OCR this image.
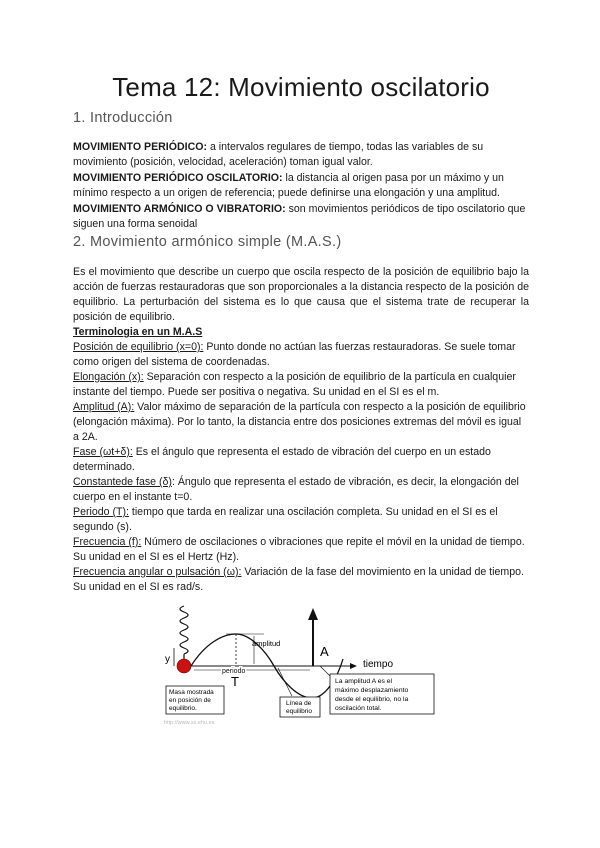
Tema 12: Movimiento oscilatorio
1. Introducción

MOVIMIENTO PERIÓDICO: a intervalos regulares de tiempo, todas las variables de su movimiento (posición, velocidad, aceleración) toman igual valor.

MOVIMIENTO PERIÓDICO OSCILATORIO: la distancia al origen pasa por un máximo y un mínimo respecto a un origen de referencia; puede definirse una elongación y una amplitud.

MOVIMIENTO ARMÓNICO O VIBRATORIO: son movimientos periódicos de tipo oscilatorio que siguen una forma senoidal

2. Movimiento armónico simple (M.A.S.)

Es el movimiento que describe un cuerpo que oscila respecto de la posición de equilibrio bajo la acción de fuerzas restauradoras que son proporcionales a la distancia respecto de la posición de equilibrio. La perturbación del sistema es lo que causa que el sistema trate de recuperar la posición de equilibrio.

Terminologia en un M.A.S
Posición de equilibrio (x=0): Punto donde no actúan las fuerzas restauradoras. Se suele tomar como origen del sistema de coordenadas.
Elongación (x): Separación con respecto a la posición de equilibrio de la partícula en cualquier instante del tiempo. Puede ser positiva o negativa. Su unidad en el SI es el m.
Amplitud (A): Valor máximo de separación de la partícula con respecto a la posición de equilibrio (elongación máxima). Por lo tanto, la distancia entre dos posiciones extremas del móvil es igual a 2A.
Fase (ωt+δ): Es el ángulo que representa el estado de vibración del cuerpo en un estado determinado.
Constantede fase (δ): Ángulo que representa el estado de vibración, es decir, la elongación del cuerpo en el instante t=0.
Periodo (T): tiempo que tarda en realizar una oscilación completa. Su unidad en el SI es el segundo (s).
Frecuencia (f): Número de oscilaciones o vibraciones que repite el móvil en la unidad de tiempo. Su unidad en el SI es el Hertz (Hz).
Frecuencia angular o pulsación (ω): Variación de la fase del movimiento en la unidad de tiempo. Su unidad en el SI es rad/s.
y	tiempo
amplitud
A
periodo
T
Masa mostrada en posición de equilibrio.
Línea de equilibrio
La amplitud A es el máximo desplazamiento desde el equilibrio, no la oscilación total.
http://www.sc.ehu.es
